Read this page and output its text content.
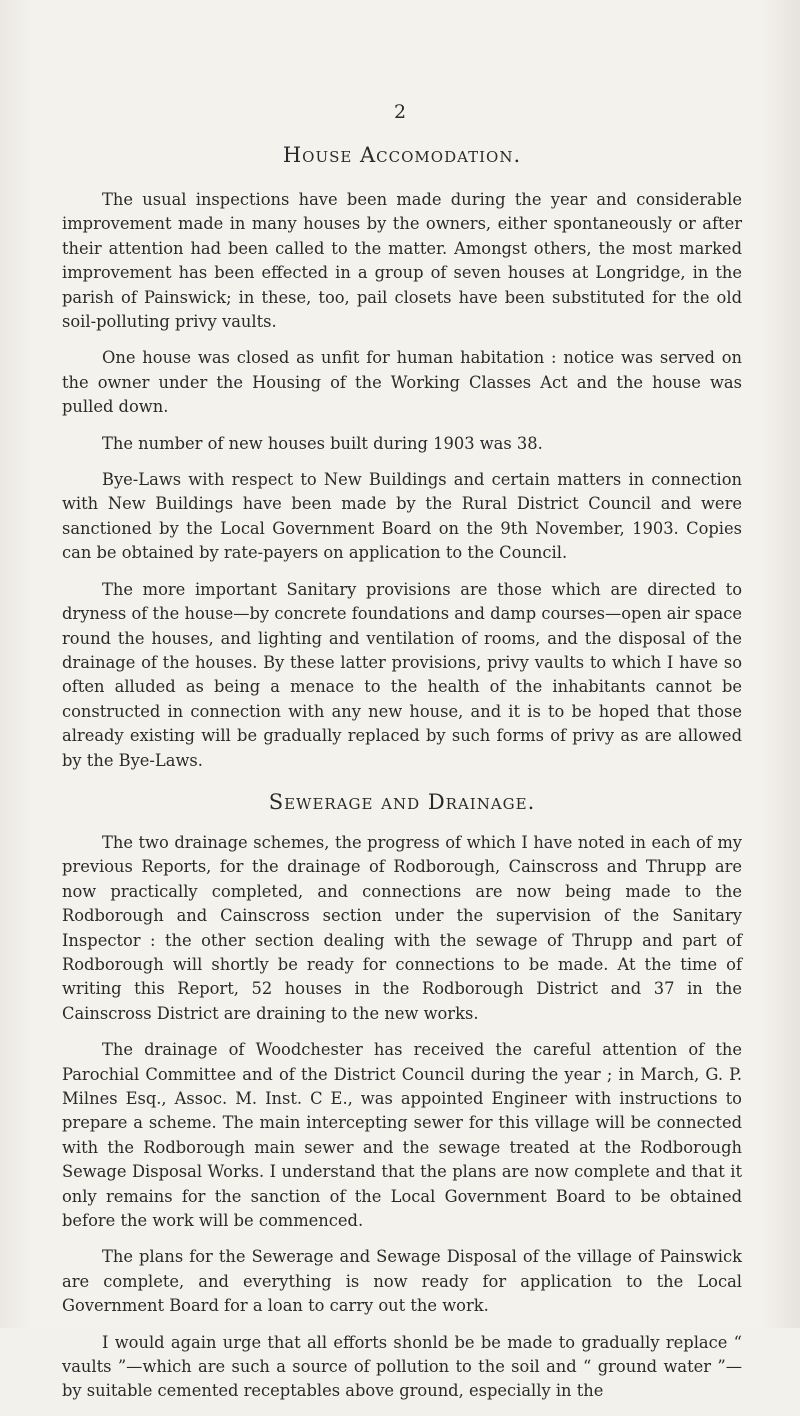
2
House Accomodation.

The usual inspections have been made during the year and considerable improvement made in many houses by the owners, either spontaneously or after their attention had been called to the matter. Amongst others, the most marked improvement has been effected in a group of seven houses at Longridge, in the parish of Painswick; in these, too, pail closets have been substituted for the old soil-polluting privy vaults.

One house was closed as unfit for human habitation : notice was served on the owner under the Housing of the Working Classes Act and the house was pulled down.

The number of new houses built during 1903 was 38.

Bye-Laws with respect to New Buildings and certain matters in connection with New Buildings have been made by the Rural District Council and were sanctioned by the Local Government Board on the 9th November, 1903. Copies can be obtained by rate-payers on application to the Council.

The more important Sanitary provisions are those which are directed to dryness of the house—by concrete foundations and damp courses—open air space round the houses, and lighting and ventilation of rooms, and the disposal of the drainage of the houses. By these latter provisions, privy vaults to which I have so often alluded as being a menace to the health of the inhabitants cannot be constructed in connection with any new house, and it is to be hoped that those already existing will be gradually replaced by such forms of privy as are allowed by the Bye-Laws.

Sewerage and Drainage.

The two drainage schemes, the progress of which I have noted in each of my previous Reports, for the drainage of Rodborough, Cainscross and Thrupp are now practically completed, and connections are now being made to the Rodborough and Cainscross section under the supervision of the Sanitary Inspector : the other section dealing with the sewage of Thrupp and part of Rodborough will shortly be ready for connections to be made. At the time of writing this Report, 52 houses in the Rodborough District and 37 in the Cainscross District are draining to the new works.

The drainage of Woodchester has received the careful attention of the Parochial Committee and of the District Council during the year ; in March, G. P. Milnes Esq., Assoc. M. Inst. C E., was appointed Engineer with instructions to prepare a scheme. The main intercepting sewer for this village will be connected with the Rodborough main sewer and the sewage treated at the Rodborough Sewage Disposal Works. I understand that the plans are now complete and that it only remains for the sanction of the Local Government Board to be obtained before the work will be commenced.

The plans for the Sewerage and Sewage Disposal of the village of Painswick are complete, and everything is now ready for application to the Local Government Board for a loan to carry out the work.

I would again urge that all efforts shonld be be made to gradually replace “ vaults ”—which are such a source of pollution to the soil and “ ground water ”—by suitable cemented receptables above ground, especially in the
